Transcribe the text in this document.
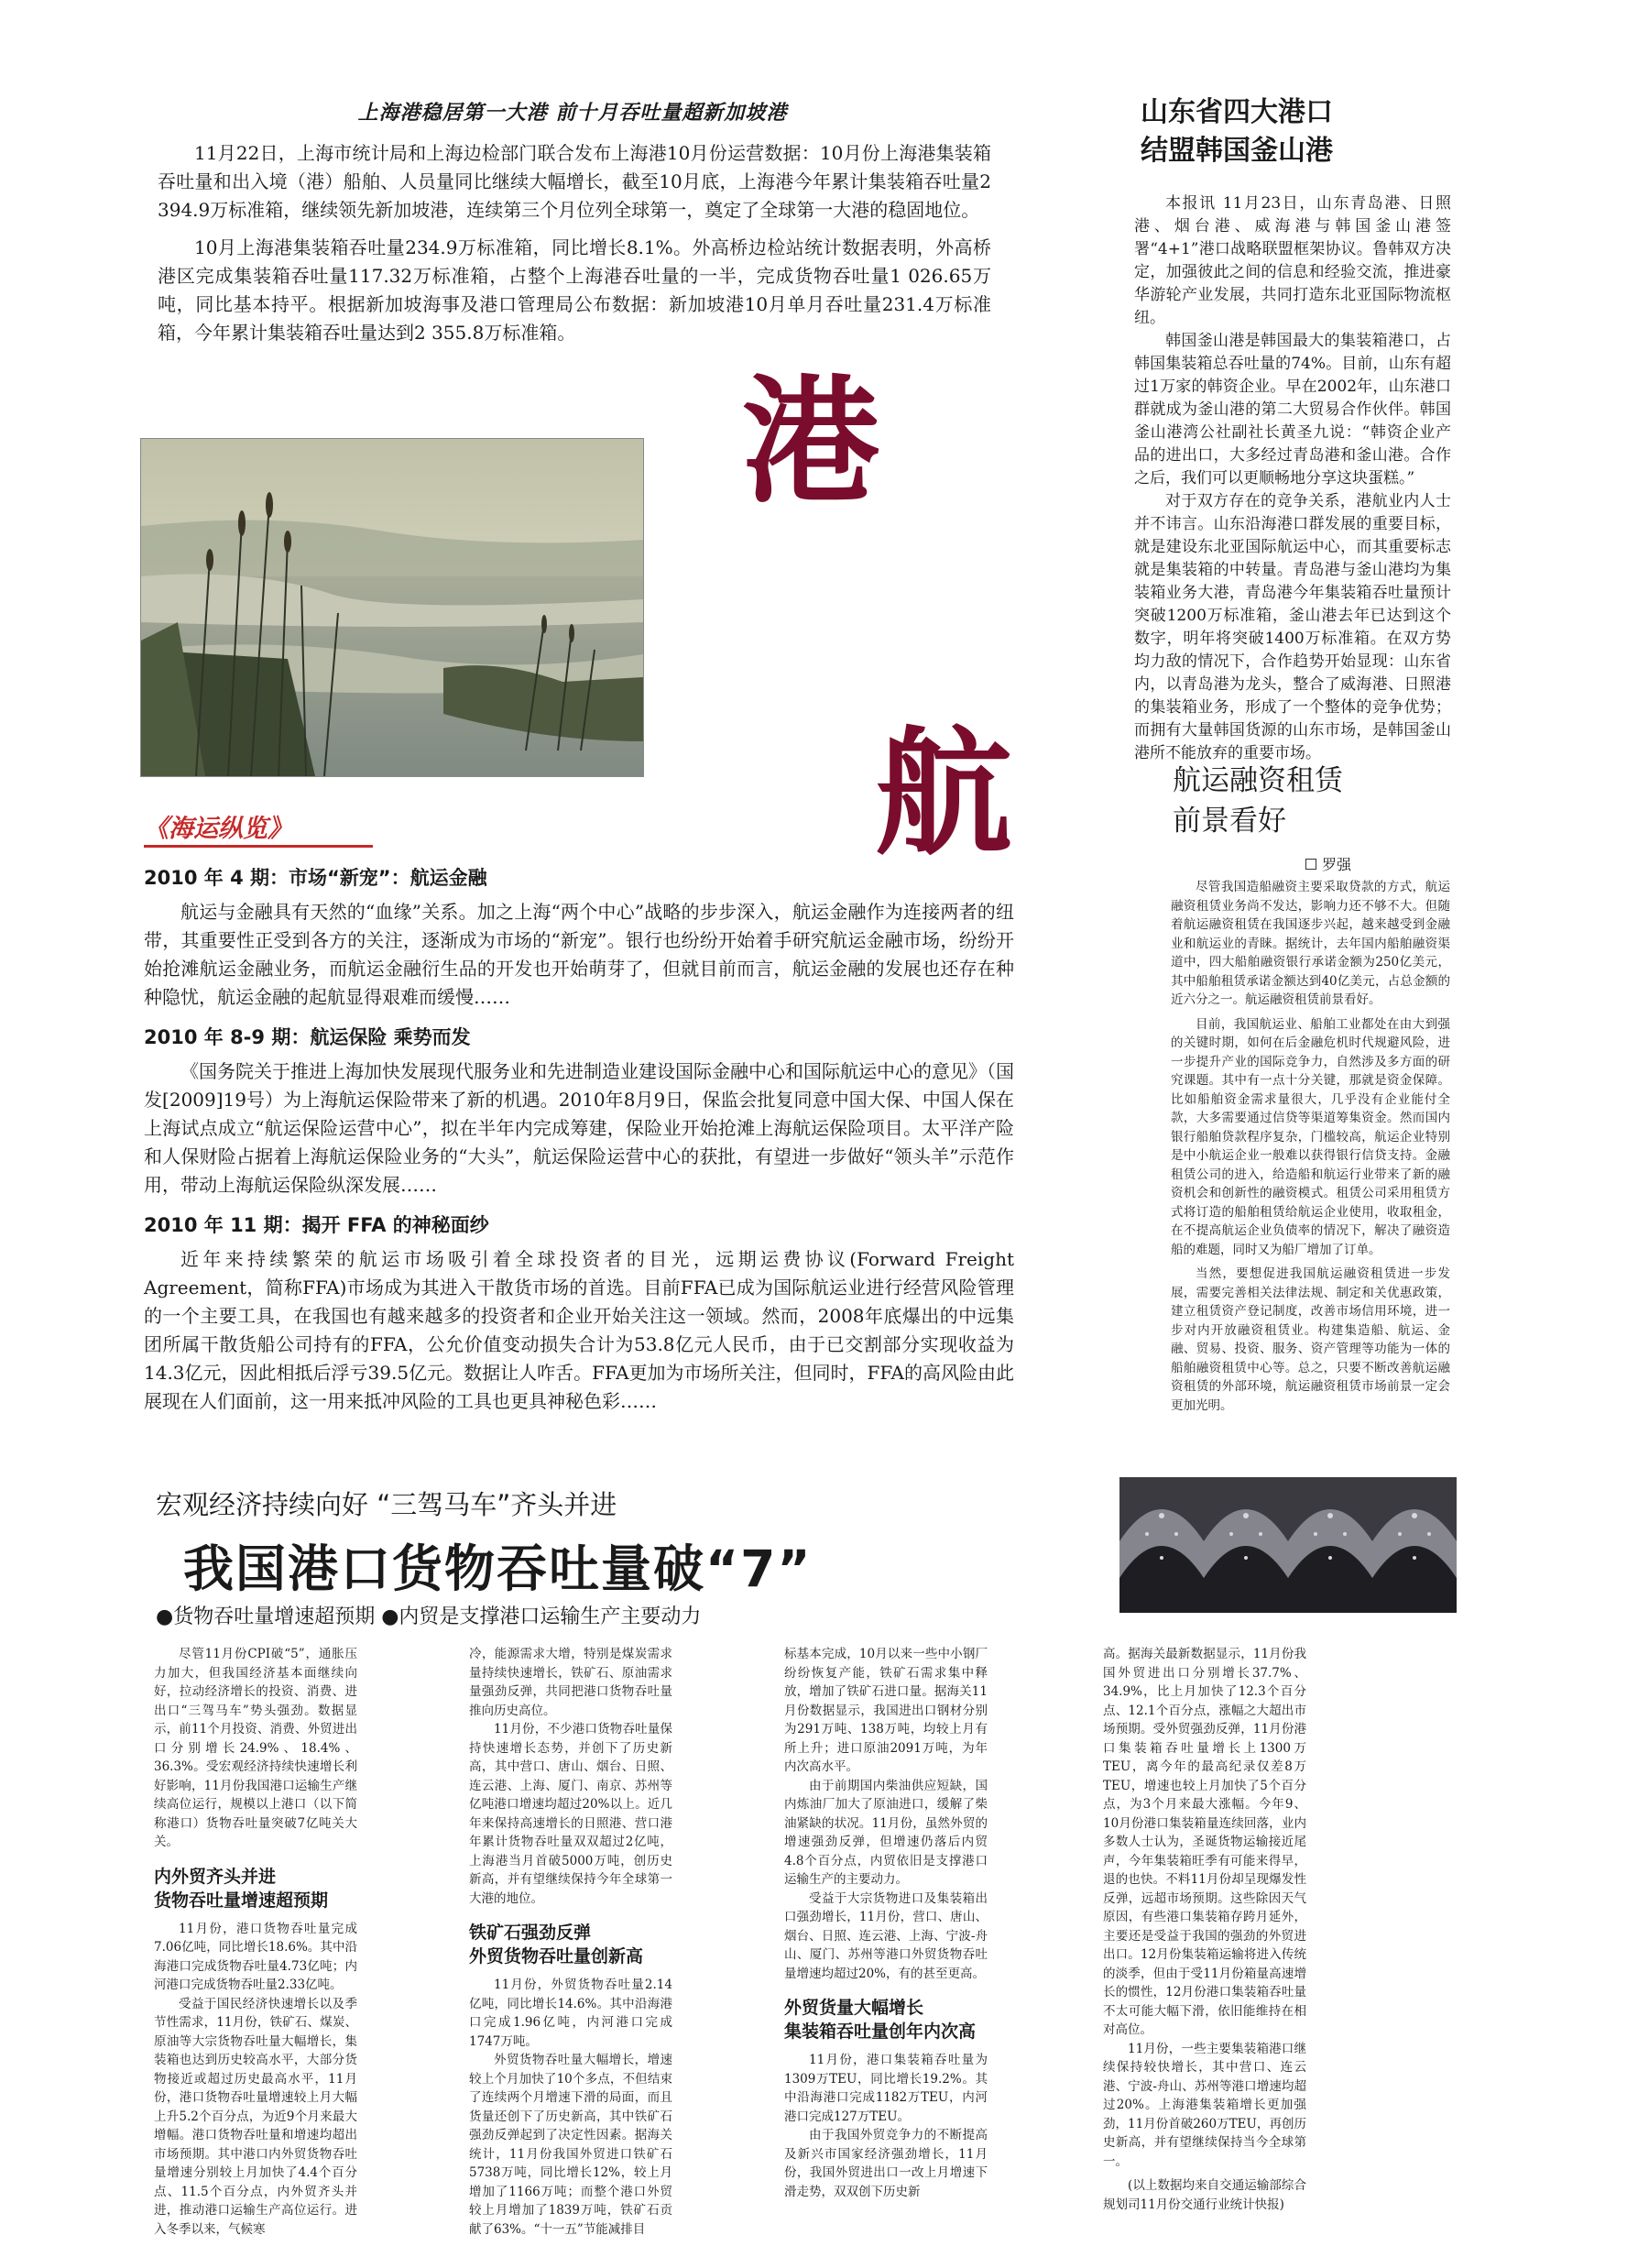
上海港稳居第一大港 前十月吞吐量超新加坡港

11月22日，上海市统计局和上海边检部门联合发布上海港10月份运营数据：10月份上海港集装箱吞吐量和出入境（港）船舶、人员量同比继续大幅增长，截至10月底，上海港今年累计集装箱吞吐量2 394.9万标准箱，继续领先新加坡港，连续第三个月位列全球第一，奠定了全球第一大港的稳固地位。

10月上海港集装箱吞吐量234.9万标准箱，同比增长8.1%。外高桥边检站统计数据表明，外高桥港区完成集装箱吞吐量117.32万标准箱，占整个上海港吞吐量的一半，完成货物吞吐量1 026.65万吨，同比基本持平。根据新加坡海事及港口管理局公布数据：新加坡港10月单月吞吐量231.4万标准箱，今年累计集装箱吞吐量达到2 355.8万标准箱。

港
航
山东省四大港口
结盟韩国釜山港

本报讯 11月23日，山东青岛港、日照港、烟台港、威海港与韩国釜山港签署“4+1”港口战略联盟框架协议。鲁韩双方决定，加强彼此之间的信息和经验交流，推进豪华游轮产业发展，共同打造东北亚国际物流枢纽。

韩国釜山港是韩国最大的集装箱港口，占韩国集装箱总吞吐量的74%。目前，山东有超过1万家的韩资企业。早在2002年，山东港口群就成为釜山港的第二大贸易合作伙伴。韩国釜山港湾公社副社长黄圣九说：“韩资企业产品的进出口，大多经过青岛港和釜山港。合作之后，我们可以更顺畅地分享这块蛋糕。”

对于双方存在的竞争关系，港航业内人士并不讳言。山东沿海港口群发展的重要目标，就是建设东北亚国际航运中心，而其重要标志就是集装箱的中转量。青岛港与釜山港均为集装箱业务大港，青岛港今年集装箱吞吐量预计突破1200万标准箱，釜山港去年已达到这个数字，明年将突破1400万标准箱。在双方势均力敌的情况下，合作趋势开始显现：山东省内，以青岛港为龙头，整合了威海港、日照港的集装箱业务，形成了一个整体的竞争优势；而拥有大量韩国货源的山东市场，是韩国釜山港所不能放弃的重要市场。

《海运纵览》
2010 年 4 期：市场“新宠”：航运金融

航运与金融具有天然的“血缘”关系。加之上海“两个中心”战略的步步深入，航运金融作为连接两者的纽带，其重要性正受到各方的关注，逐渐成为市场的“新宠”。银行也纷纷开始着手研究航运金融市场，纷纷开始抢滩航运金融业务，而航运金融衍生品的开发也开始萌芽了，但就目前而言，航运金融的发展也还存在种种隐忧，航运金融的起航显得艰难而缓慢……

2010 年 8-9 期：航运保险 乘势而发

《国务院关于推进上海加快发展现代服务业和先进制造业建设国际金融中心和国际航运中心的意见》（国发[2009]19号）为上海航运保险带来了新的机遇。2010年8月9日，保监会批复同意中国大保、中国人保在上海试点成立“航运保险运营中心”，拟在半年内完成筹建，保险业开始抢滩上海航运保险项目。太平洋产险和人保财险占据着上海航运保险业务的“大头”，航运保险运营中心的获批，有望进一步做好“领头羊”示范作用，带动上海航运保险纵深发展……

2010 年 11 期：揭开 FFA 的神秘面纱

近年来持续繁荣的航运市场吸引着全球投资者的目光，远期运费协议(Forward Freight Agreement，简称FFA)市场成为其进入干散货市场的首选。目前FFA已成为国际航运业进行经营风险管理的一个主要工具，在我国也有越来越多的投资者和企业开始关注这一领域。然而，2008年底爆出的中远集团所属干散货船公司持有的FFA，公允价值变动损失合计为53.8亿元人民币，由于已交割部分实现收益为14.3亿元，因此相抵后浮亏39.5亿元。数据让人咋舌。FFA更加为市场所关注，但同时，FFA的高风险由此展现在人们面前，这一用来抵冲风险的工具也更具神秘色彩……

航运融资租赁
前景看好
罗强

尽管我国造船融资主要采取贷款的方式，航运融资租赁业务尚不发达，影响力还不够不大。但随着航运融资租赁在我国逐步兴起，越来越受到金融业和航运业的青睐。据统计，去年国内船舶融资渠道中，四大船舶融资银行承诺金额为250亿美元，其中船舶租赁承诺金额达到40亿美元，占总金额的近六分之一。航运融资租赁前景看好。

目前，我国航运业、船舶工业都处在由大到强的关键时期，如何在后金融危机时代规避风险，进一步提升产业的国际竞争力，自然涉及多方面的研究课题。其中有一点十分关键，那就是资金保障。比如船舶资金需求量很大，几乎没有企业能付全款，大多需要通过信贷等渠道筹集资金。然而国内银行船舶贷款程序复杂，门槛较高，航运企业特别是中小航运企业一般难以获得银行信贷支持。金融租赁公司的进入，给造船和航运行业带来了新的融资机会和创新性的融资模式。租赁公司采用租赁方式将订造的船舶租赁给航运企业使用，收取租金，在不提高航运企业负债率的情况下，解决了融资造船的难题，同时又为船厂增加了订单。

当然，要想促进我国航运融资租赁进一步发展，需要完善相关法律法规、制定和关优惠政策，建立租赁资产登记制度，改善市场信用环境，进一步对内开放融资租赁业。构建集造船、航运、金融、贸易、投资、服务、资产管理等功能为一体的船舶融资租赁中心等。总之，只要不断改善航运融资租赁的外部环境，航运融资租赁市场前景一定会更加光明。

宏观经济持续向好 “三驾马车”齐头并进
我国港口货物吞吐量破“7”
●货物吞吐量增速超预期 ●内贸是支撑港口运输生产主要动力

尽管11月份CPI破“5”，通胀压力加大，但我国经济基本面继续向好，拉动经济增长的投资、消费、进出口“三驾马车”势头强劲。数据显示，前11个月投资、消费、外贸进出口分别增长24.9%、18.4%、36.3%。受宏观经济持续快速增长利好影响，11月份我国港口运输生产继续高位运行，规模以上港口（以下简称港口）货物吞吐量突破7亿吨关大关。

内外贸齐头并进
货物吞吐量增速超预期

11月份，港口货物吞吐量完成7.06亿吨，同比增长18.6%。其中沿海港口完成货物吞吐量4.73亿吨；内河港口完成货物吞吐量2.33亿吨。

受益于国民经济快速增长以及季节性需求，11月份，铁矿石、煤炭、原油等大宗货物吞吐量大幅增长，集装箱也达到历史较高水平，大部分货物接近或超过历史最高水平，11月份，港口货物吞吐量增速较上月大幅上升5.2个百分点，为近9个月来最大增幅。港口货物吞吐量和增速均超出市场预期。其中港口内外贸货物吞吐量增速分别较上月加快了4.4个百分点、11.5个百分点，内外贸齐头并进，推动港口运输生产高位运行。进入冬季以来，气候寒

冷，能源需求大增，特别是煤炭需求量持续快速增长，铁矿石、原油需求量强劲反弹，共同把港口货物吞吐量推向历史高位。

11月份，不少港口货物吞吐量保持快速增长态势，并创下了历史新高，其中营口、唐山、烟台、日照、连云港、上海、厦门、南京、苏州等亿吨港口增速均超过20%以上。近几年来保持高速增长的日照港、营口港年累计货物吞吐量双双超过2亿吨，上海港当月首破5000万吨，创历史新高，并有望继续保持今年全球第一大港的地位。

铁矿石强劲反弹
外贸货物吞吐量创新高

11月份，外贸货物吞吐量2.14亿吨，同比增长14.6%。其中沿海港口完成1.96亿吨，内河港口完成1747万吨。

外贸货物吞吐量大幅增长，增速较上个月加快了10个多点，不但结束了连续两个月增速下滑的局面，而且货量还创下了历史新高，其中铁矿石强劲反弹起到了决定性因素。据海关统计，11月份我国外贸进口铁矿石5738万吨，同比增长12%，较上月增加了1166万吨；而整个港口外贸较上月增加了1839万吨，铁矿石贡献了63%。“十一五”节能减排目

标基本完成，10月以来一些中小钢厂纷纷恢复产能，铁矿石需求集中释放，增加了铁矿石进口量。据海关11月份数据显示，我国进出口钢材分别为291万吨、138万吨，均较上月有所上升；进口原油2091万吨，为年内次高水平。

由于前期国内柴油供应短缺，国内炼油厂加大了原油进口，缓解了柴油紧缺的状况。11月份，虽然外贸的增速强劲反弹，但增速仍落后内贸4.8个百分点，内贸依旧是支撑港口运输生产的主要动力。

受益于大宗货物进口及集装箱出口强劲增长，11月份，营口、唐山、烟台、日照、连云港、上海、宁波-舟山、厦门、苏州等港口外贸货物吞吐量增速均超过20%，有的甚至更高。

外贸货量大幅增长
集装箱吞吐量创年内次高

11月份，港口集装箱吞吐量为1309万TEU，同比增长19.2%。其中沿海港口完成1182万TEU，内河港口完成127万TEU。

由于我国外贸竞争力的不断提高及新兴市国家经济强劲增长，11月份，我国外贸进出口一改上月增速下滑走势，双双创下历史新

高。据海关最新数据显示，11月份我国外贸进出口分别增长37.7%、34.9%，比上月加快了12.3个百分点、12.1个百分点，涨幅之大超出市场预期。受外贸强劲反弹，11月份港口集装箱吞吐量增长上1300万TEU，离今年的最高纪录仅差8万TEU，增速也较上月加快了5个百分点，为3个月来最大涨幅。今年9、10月份港口集装箱量连续回落，业内多数人士认为，圣诞货物运输接近尾声，今年集装箱旺季有可能来得早，退的也快。不料11月份却呈现爆发性反弹，远超市场预期。这些除因天气原因，有些港口集装箱存跨月延外，主要还是受益于我国的强劲的外贸进出口。12月份集装箱运输将进入传统的淡季，但由于受11月份箱量高速增长的惯性，12月份港口集装箱吞吐量不太可能大幅下滑，依旧能维持在相对高位。

11月份，一些主要集装箱港口继续保持较快增长，其中营口、连云港、宁波-舟山、苏州等港口增速均超过20%。上海港集装箱增长更加强劲，11月份首破260万TEU，再创历史新高，并有望继续保持当今全球第一。

(以上数据均来自交通运输部综合规划司11月份交通行业统计快报)
